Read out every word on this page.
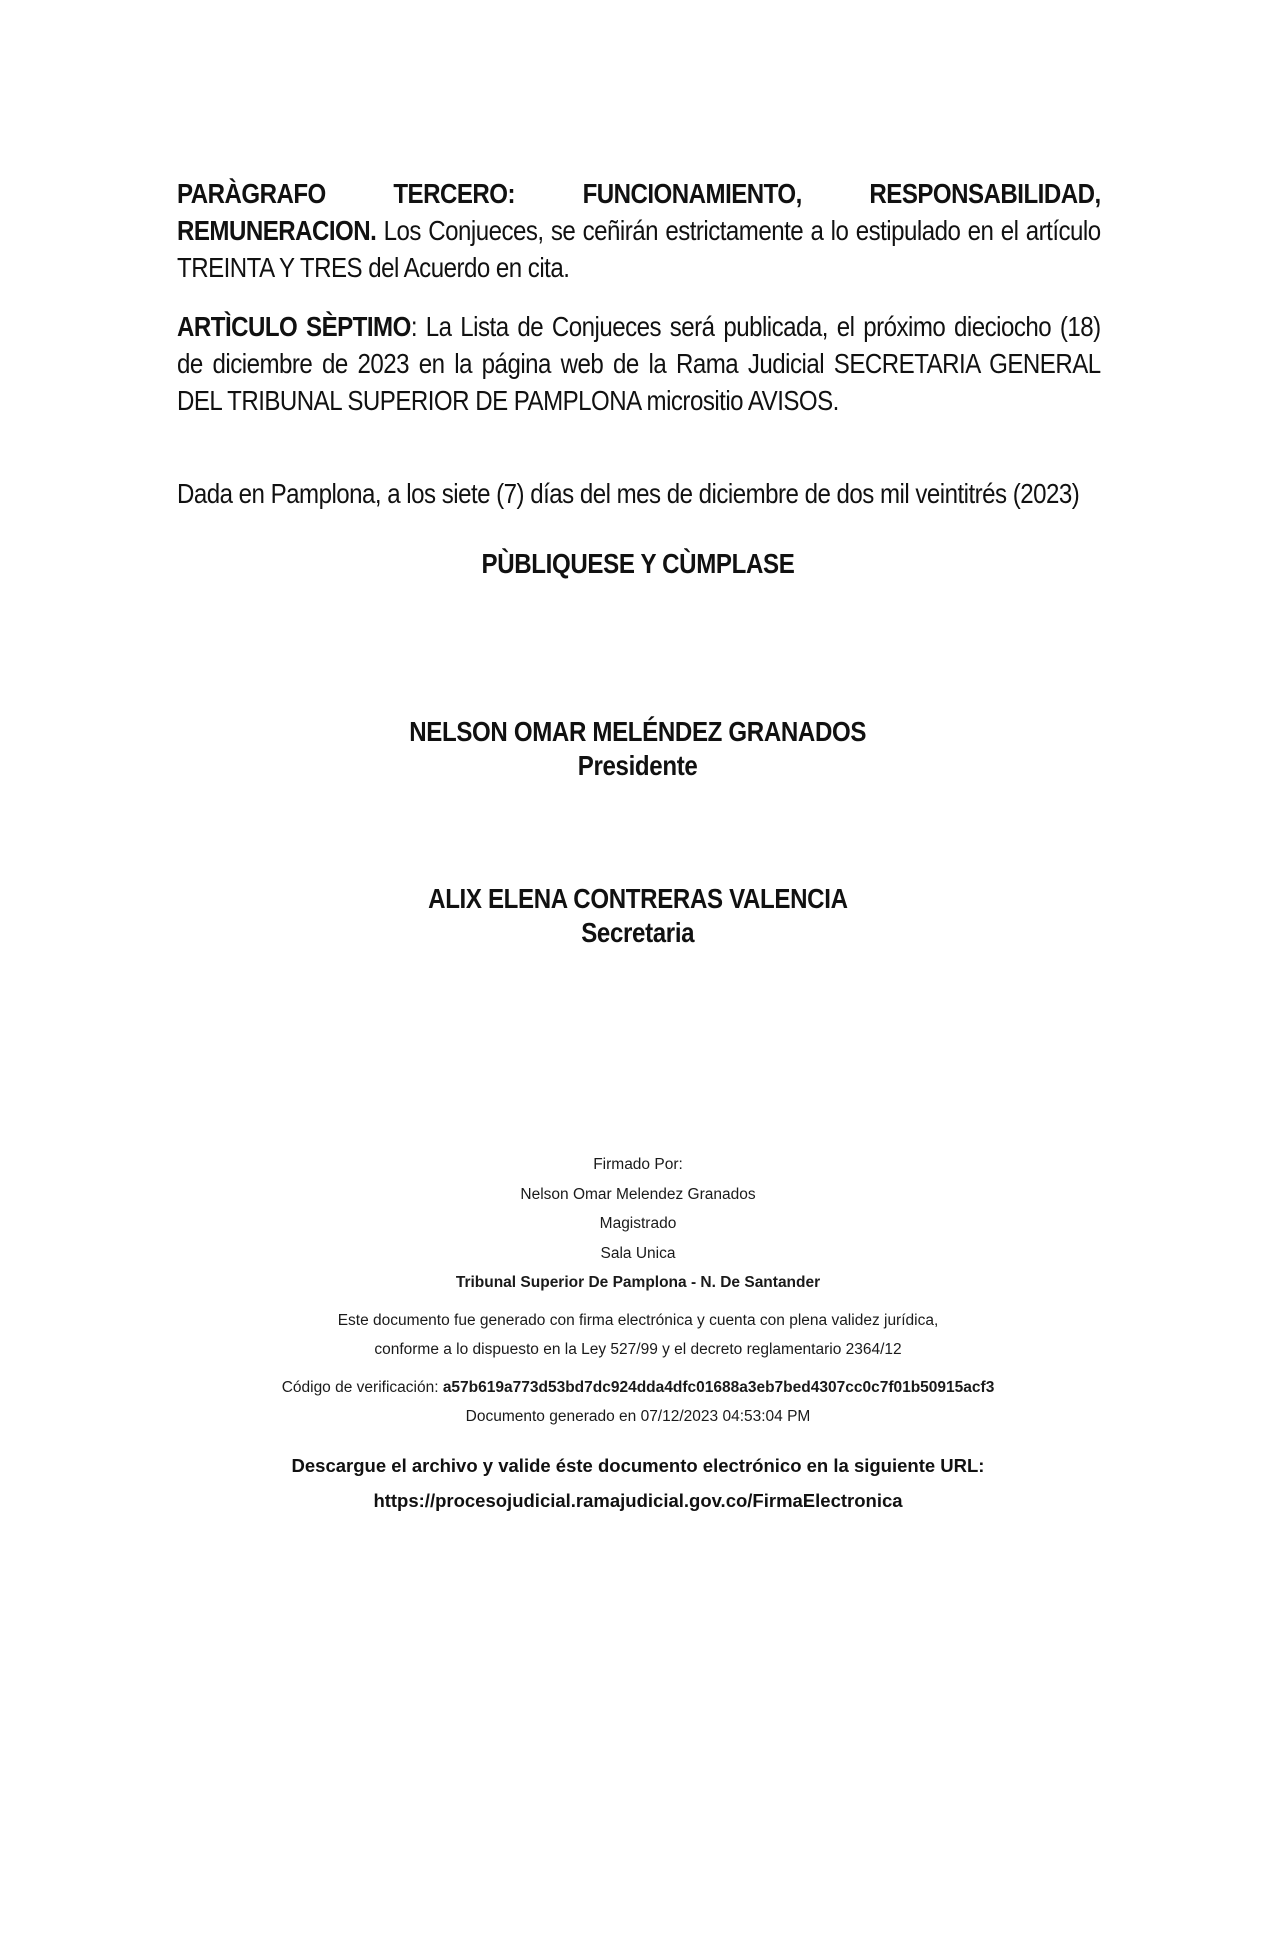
PARÀGRAFO TERCERO: FUNCIONAMIENTO, RESPONSABILIDAD, REMUNERACION. Los Conjueces, se ceñirán estrictamente a lo estipulado en el artículo TREINTA Y TRES del Acuerdo en cita.
ARTÌCULO SÈPTIMO: La Lista de Conjueces será publicada, el próximo dieciocho (18) de diciembre de 2023 en la página web de la Rama Judicial SECRETARIA GENERAL DEL TRIBUNAL SUPERIOR DE PAMPLONA micrositio AVISOS.
Dada en Pamplona, a los siete (7) días del mes de diciembre de dos mil veintitrés (2023)
PÙBLIQUESE Y CÙMPLASE
NELSON OMAR MELÉNDEZ GRANADOS
Presidente
ALIX ELENA CONTRERAS VALENCIA
Secretaria
Firmado Por:
Nelson Omar Melendez Granados
Magistrado
Sala Unica
Tribunal Superior De Pamplona - N. De Santander
Este documento fue generado con firma electrónica y cuenta con plena validez jurídica,
conforme a lo dispuesto en la Ley 527/99 y el decreto reglamentario 2364/12
Código de verificación: a57b619a773d53bd7dc924dda4dfc01688a3eb7bed4307cc0c7f01b50915acf3
Documento generado en 07/12/2023 04:53:04 PM
Descargue el archivo y valide éste documento electrónico en la siguiente URL:
https://procesojudicial.ramajudicial.gov.co/FirmaElectronica
